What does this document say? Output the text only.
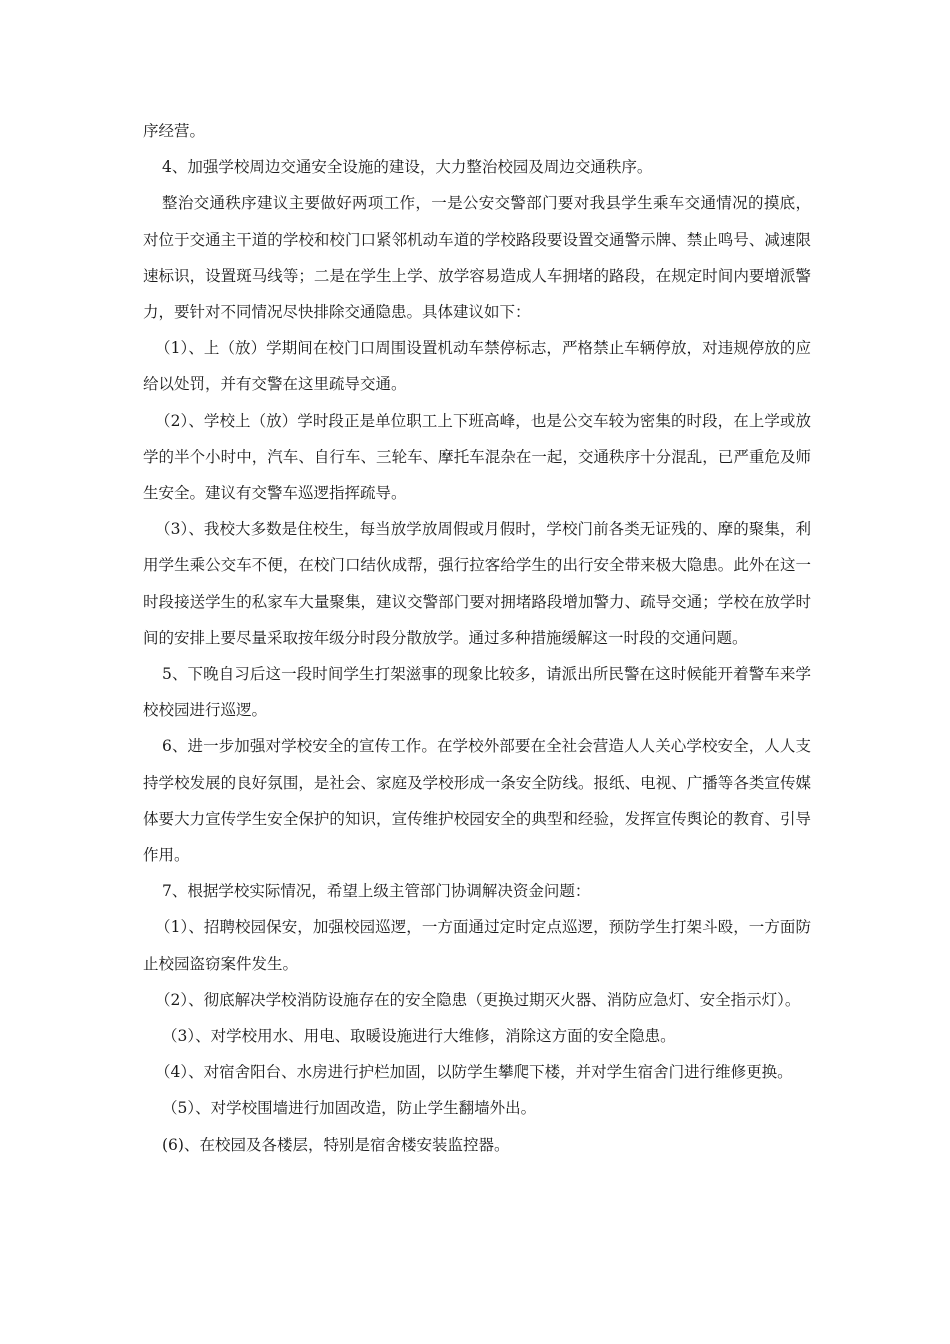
序经营。

4、加强学校周边交通安全设施的建设，大力整治校园及周边交通秩序。

整治交通秩序建议主要做好两项工作，一是公安交警部门要对我县学生乘车交通情况的摸底，对位于交通主干道的学校和校门口紧邻机动车道的学校路段要设置交通警示牌、禁止鸣号、减速限速标识，设置斑马线等；二是在学生上学、放学容易造成人车拥堵的路段，在规定时间内要增派警力，要针对不同情况尽快排除交通隐患。具体建议如下：

（1）、上（放）学期间在校门口周围设置机动车禁停标志，严格禁止车辆停放，对违规停放的应给以处罚，并有交警在这里疏导交通。

（2）、学校上（放）学时段正是单位职工上下班高峰，也是公交车较为密集的时段，在上学或放学的半个小时中，汽车、自行车、三轮车、摩托车混杂在一起，交通秩序十分混乱，已严重危及师生安全。建议有交警车巡逻指挥疏导。

（3）、我校大多数是住校生，每当放学放周假或月假时，学校门前各类无证残的、摩的聚集，利用学生乘公交车不便，在校门口结伙成帮，强行拉客给学生的出行安全带来极大隐患。此外在这一时段接送学生的私家车大量聚集，建议交警部门要对拥堵路段增加警力、疏导交通；学校在放学时间的安排上要尽量采取按年级分时段分散放学。通过多种措施缓解这一时段的交通问题。

5、下晚自习后这一段时间学生打架滋事的现象比较多，请派出所民警在这时候能开着警车来学校校园进行巡逻。

6、进一步加强对学校安全的宣传工作。在学校外部要在全社会营造人人关心学校安全，人人支持学校发展的良好氛围，是社会、家庭及学校形成一条安全防线。报纸、电视、广播等各类宣传媒体要大力宣传学生安全保护的知识，宣传维护校园安全的典型和经验，发挥宣传舆论的教育、引导作用。

7、根据学校实际情况，希望上级主管部门协调解决资金问题：

（1）、招聘校园保安，加强校园巡逻，一方面通过定时定点巡逻，预防学生打架斗殴，一方面防止校园盗窃案件发生。

（2）、彻底解决学校消防设施存在的安全隐患（更换过期灭火器、消防应急灯、安全指示灯）。

（3）、对学校用水、用电、取暖设施进行大维修，消除这方面的安全隐患。

（4）、对宿舍阳台、水房进行护栏加固，以防学生攀爬下楼，并对学生宿舍门进行维修更换。

（5）、对学校围墙进行加固改造，防止学生翻墙外出。

(6)、在校园及各楼层，特别是宿舍楼安装监控器。
